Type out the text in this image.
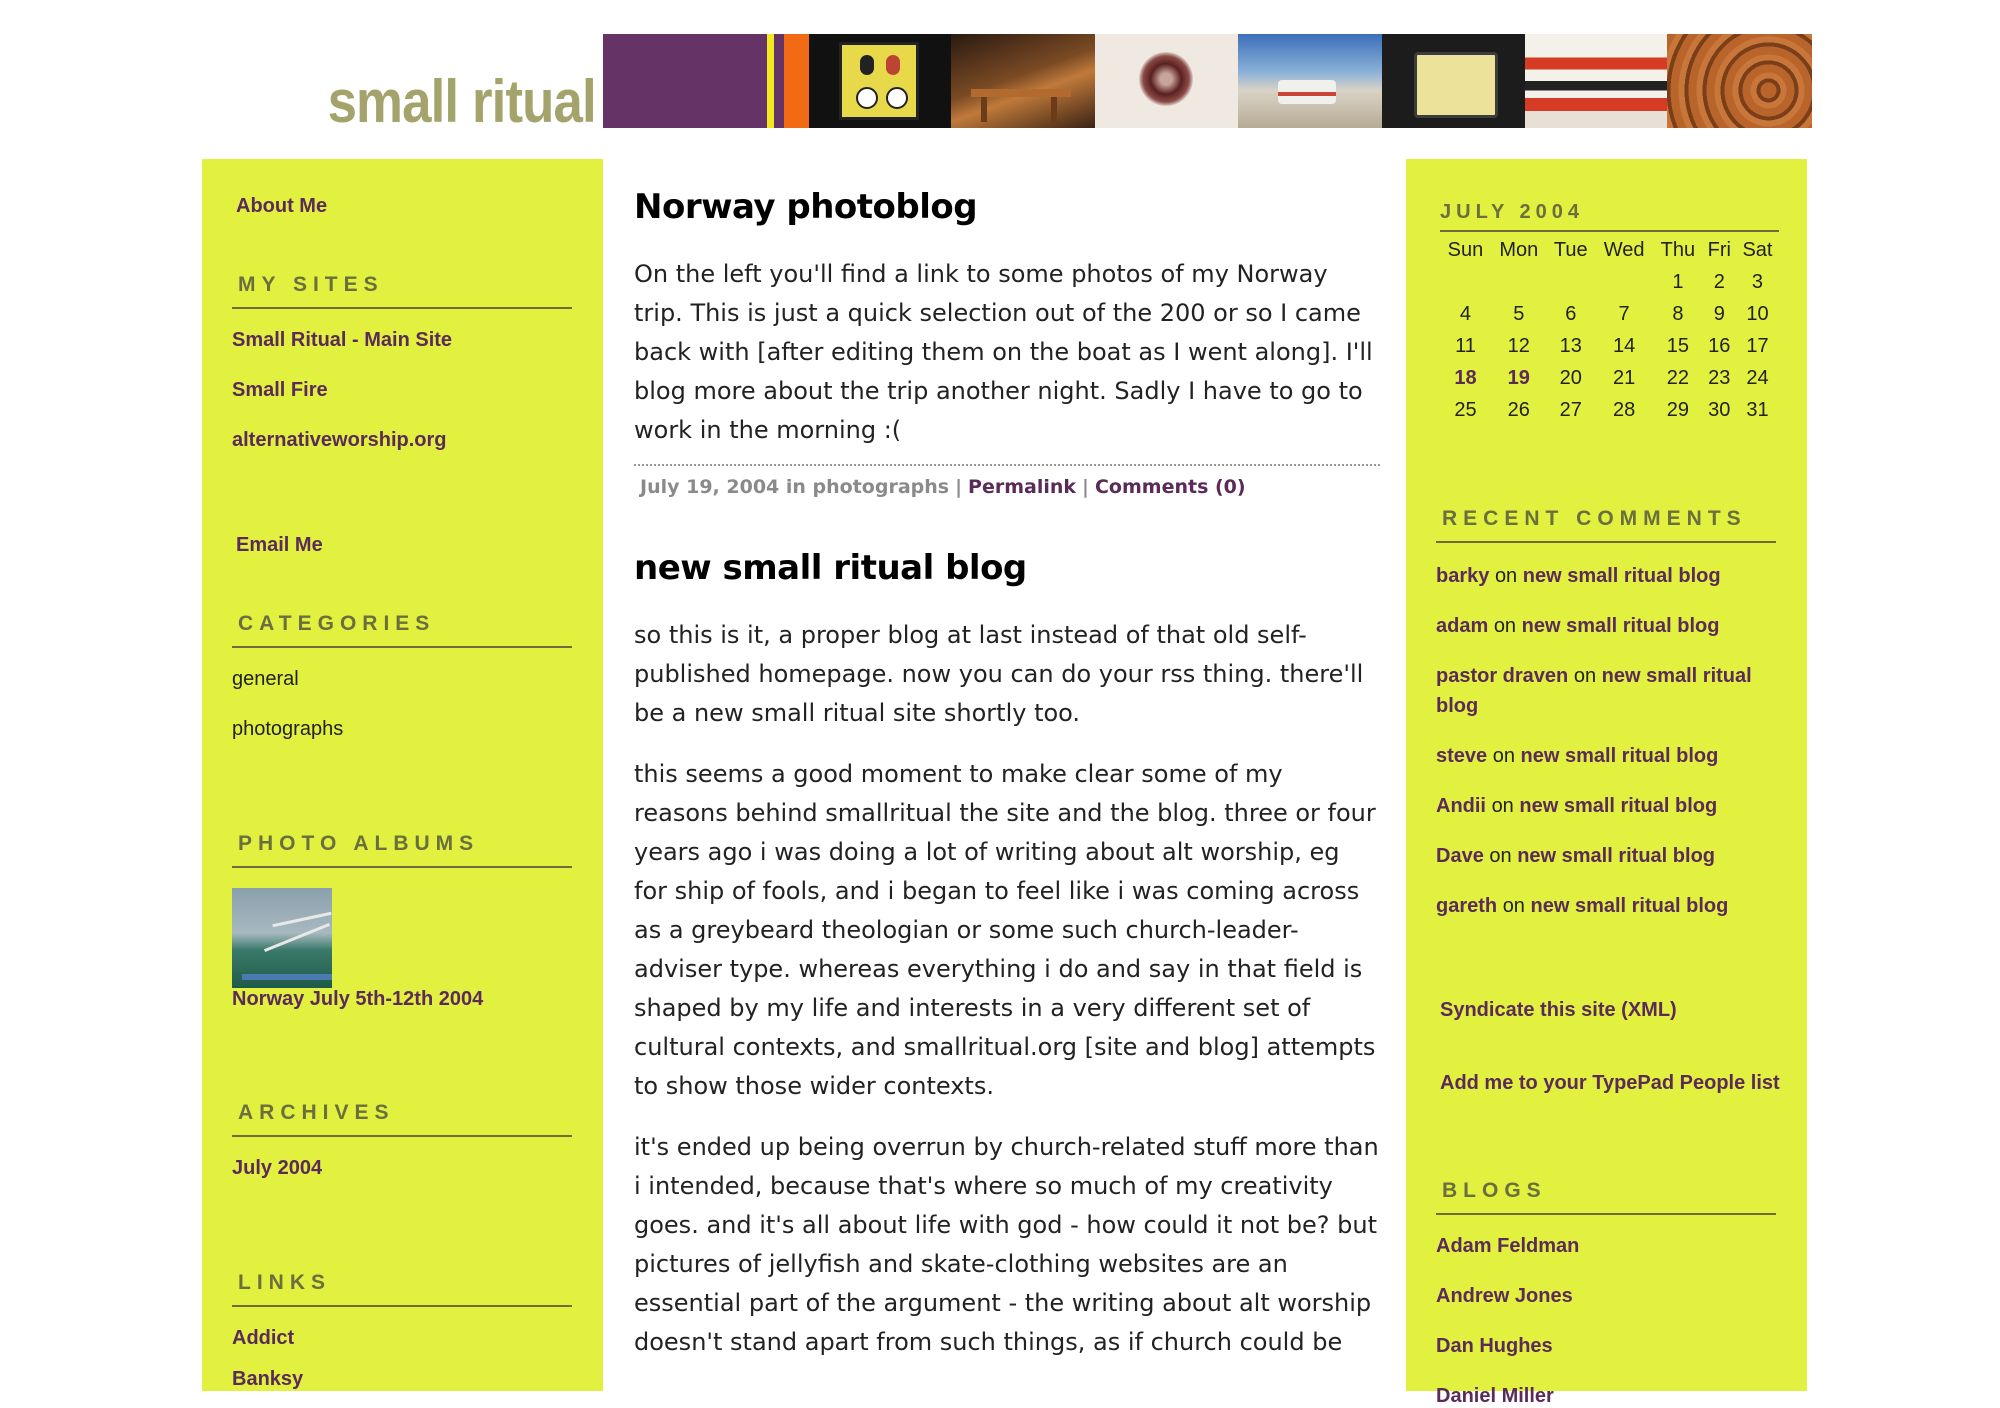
small ritual
About Me
MY SITES
Small Ritual - Main Site
Small Fire
alternativeworship.org
Email Me
CATEGORIES
general
photographs
PHOTO ALBUMS
Norway July 5th-12th 2004
ARCHIVES
July 2004
LINKS
Addict
Banksy
Norway photoblog

On the left you'll find a link to some photos of my Norway trip. This is just a quick selection out of the 200 or so I came back with [after editing them on the boat as I went along]. I'll blog more about the trip another night. Sadly I have to go to work in the morning :(

July 19, 2004 in photographs | Permalink | Comments (0)
new small ritual blog

so this is it, a proper blog at last instead of that old self-published homepage. now you can do your rss thing. there'll be a new small ritual site shortly too.

this seems a good moment to make clear some of my reasons behind smallritual the site and the blog. three or four years ago i was doing a lot of writing about alt worship, eg for ship of fools, and i began to feel like i was coming across as a greybeard theologian or some such church-leader-adviser type. whereas everything i do and say in that field is shaped by my life and interests in a very different set of cultural contexts, and smallritual.org [site and blog] attempts to show those wider contexts.

it's ended up being overrun by church-related stuff more than i intended, because that's where so much of my creativity goes. and it's all about life with god - how could it not be? but pictures of jellyfish and skate-clothing websites are an essential part of the argument - the writing about alt worship doesn't stand apart from such things, as if church could be

JULY 2004
Sun	Mon	Tue	Wed	Thu	Fri	Sat
				1	2	3
4	5	6	7	8	9	10
11	12	13	14	15	16	17
18	19	20	21	22	23	24
25	26	27	28	29	30	31
RECENT COMMENTS
barky on new small ritual blog
adam on new small ritual blog
pastor draven on new small ritual blog
steve on new small ritual blog
Andii on new small ritual blog
Dave on new small ritual blog
gareth on new small ritual blog
Syndicate this site (XML)
Add me to your TypePad People list
BLOGS
Adam Feldman
Andrew Jones
Dan Hughes
Daniel Miller
